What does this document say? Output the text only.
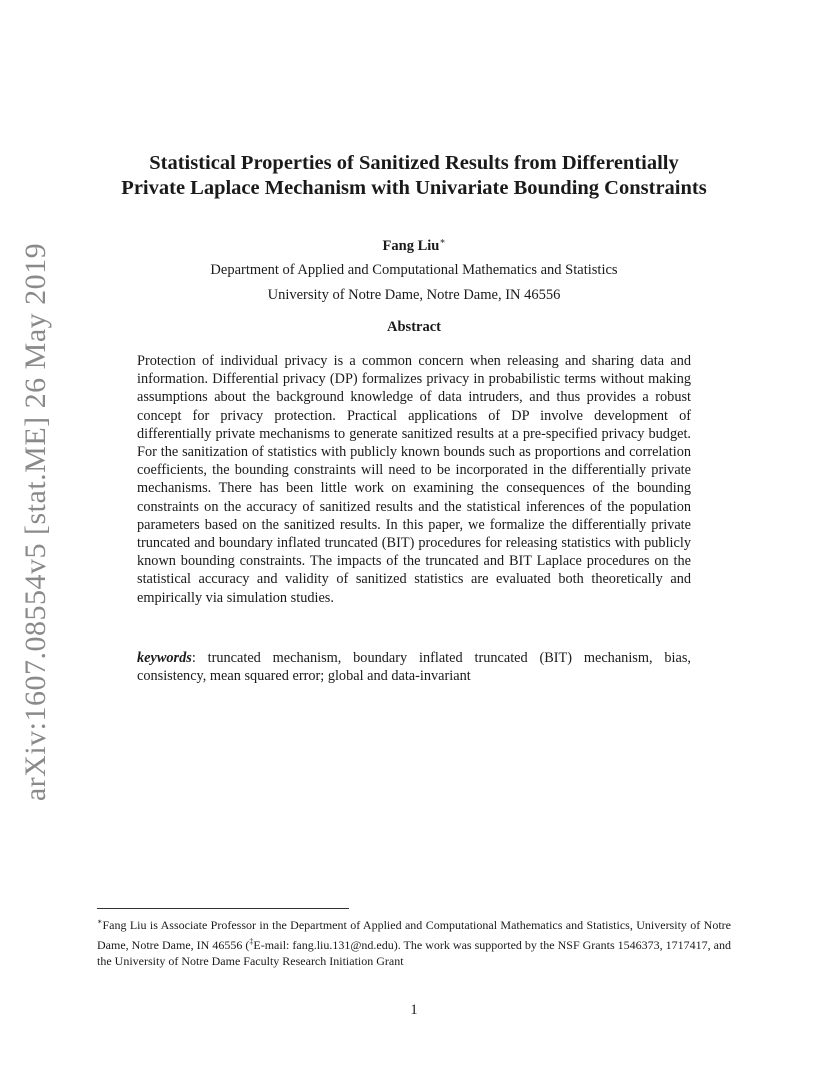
arXiv:1607.08554v5 [stat.ME] 26 May 2019
Statistical Properties of Sanitized Results from Differentially
Private Laplace Mechanism with Univariate Bounding Constraints
Fang Liu∗
Department of Applied and Computational Mathematics and Statistics
University of Notre Dame, Notre Dame, IN 46556
Abstract
Protection of individual privacy is a common concern when releasing and sharing data and information. Differential privacy (DP) formalizes privacy in probabilistic terms without making assumptions about the background knowledge of data intruders, and thus provides a robust concept for privacy protection. Practical applications of DP involve development of differentially private mechanisms to generate sanitized results at a pre-specified privacy budget. For the sanitization of statistics with publicly known bounds such as proportions and correlation coefficients, the bounding constraints will need to be incorporated in the differentially private mechanisms. There has been little work on examining the consequences of the bounding constraints on the accuracy of sanitized results and the statistical inferences of the population parameters based on the sanitized results. In this paper, we formalize the differentially private truncated and boundary inflated truncated (BIT) procedures for releasing statistics with publicly known bounding constraints. The impacts of the truncated and BIT Laplace procedures on the statistical accuracy and validity of sanitized statistics are evaluated both theoretically and empirically via simulation studies.
keywords: truncated mechanism, boundary inflated truncated (BIT) mechanism, bias, consistency, mean squared error; global and data-invariant
∗Fang Liu is Associate Professor in the Department of Applied and Computational Mathematics and Statistics, University of Notre Dame, Notre Dame, IN 46556 (‡E-mail: fang.liu.131@nd.edu). The work was supported by the NSF Grants 1546373, 1717417, and the University of Notre Dame Faculty Research Initiation Grant
1
